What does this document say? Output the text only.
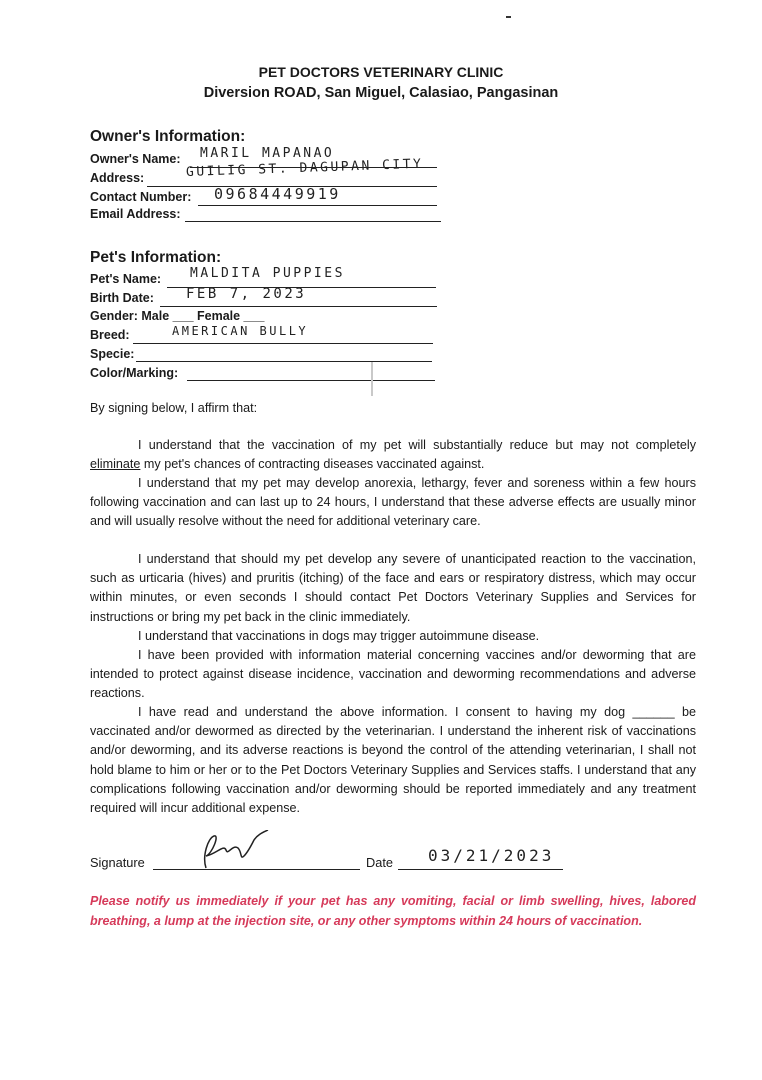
PET DOCTORS VETERINARY CLINIC
Diversion ROAD, San Miguel, Calasiao, Pangasinan
Owner's Information:
Owner's Name: MARIL MAPANAO
Address:	GUILIG ST. DAGUPAN CITY
Contact Number: 09684449919
Email Address:
Pet's Information:
Pet's Name: MALDITA PUPPIES
Birth Date: FEB 7, 2023
Gender: Male ___ Female ___
Breed:	AMERICAN BULLY
Specie:
Color/Marking:
By signing below, I affirm that:

I understand that the vaccination of my pet will substantially reduce but may not completely eliminate my pet's chances of contracting diseases vaccinated against.

I understand that my pet may develop anorexia, lethargy, fever and soreness within a few hours following vaccination and can last up to 24 hours, I understand that these adverse effects are usually minor and will usually resolve without the need for additional veterinary care.

I understand that should my pet develop any severe of unanticipated reaction to the vaccination, such as urticaria (hives) and pruritis (itching) of the face and ears or respiratory distress, which may occur within minutes, or even seconds I should contact Pet Doctors Veterinary Supplies and Services for instructions or bring my pet back in the clinic immediately.

I understand that vaccinations in dogs may trigger autoimmune disease.

I have been provided with information material concerning vaccines and/or deworming that are intended to protect against disease incidence, vaccination and deworming recommendations and adverse reactions.

I have read and understand the above information. I consent to having my dog ______ be vaccinated and/or dewormed as directed by the veterinarian. I understand the inherent risk of vaccinations and/or deworming, and its adverse reactions is beyond the control of the attending veterinarian, I shall not hold blame to him or her or to the Pet Doctors Veterinary Supplies and Services staffs. I understand that any complications following vaccination and/or deworming should be reported immediately and any treatment required will incur additional expense.

Signature	Date 03/21/2023

Please notify us immediately if your pet has any vomiting, facial or limb swelling, hives, labored breathing, a lump at the injection site, or any other symptoms within 24 hours of vaccination.
